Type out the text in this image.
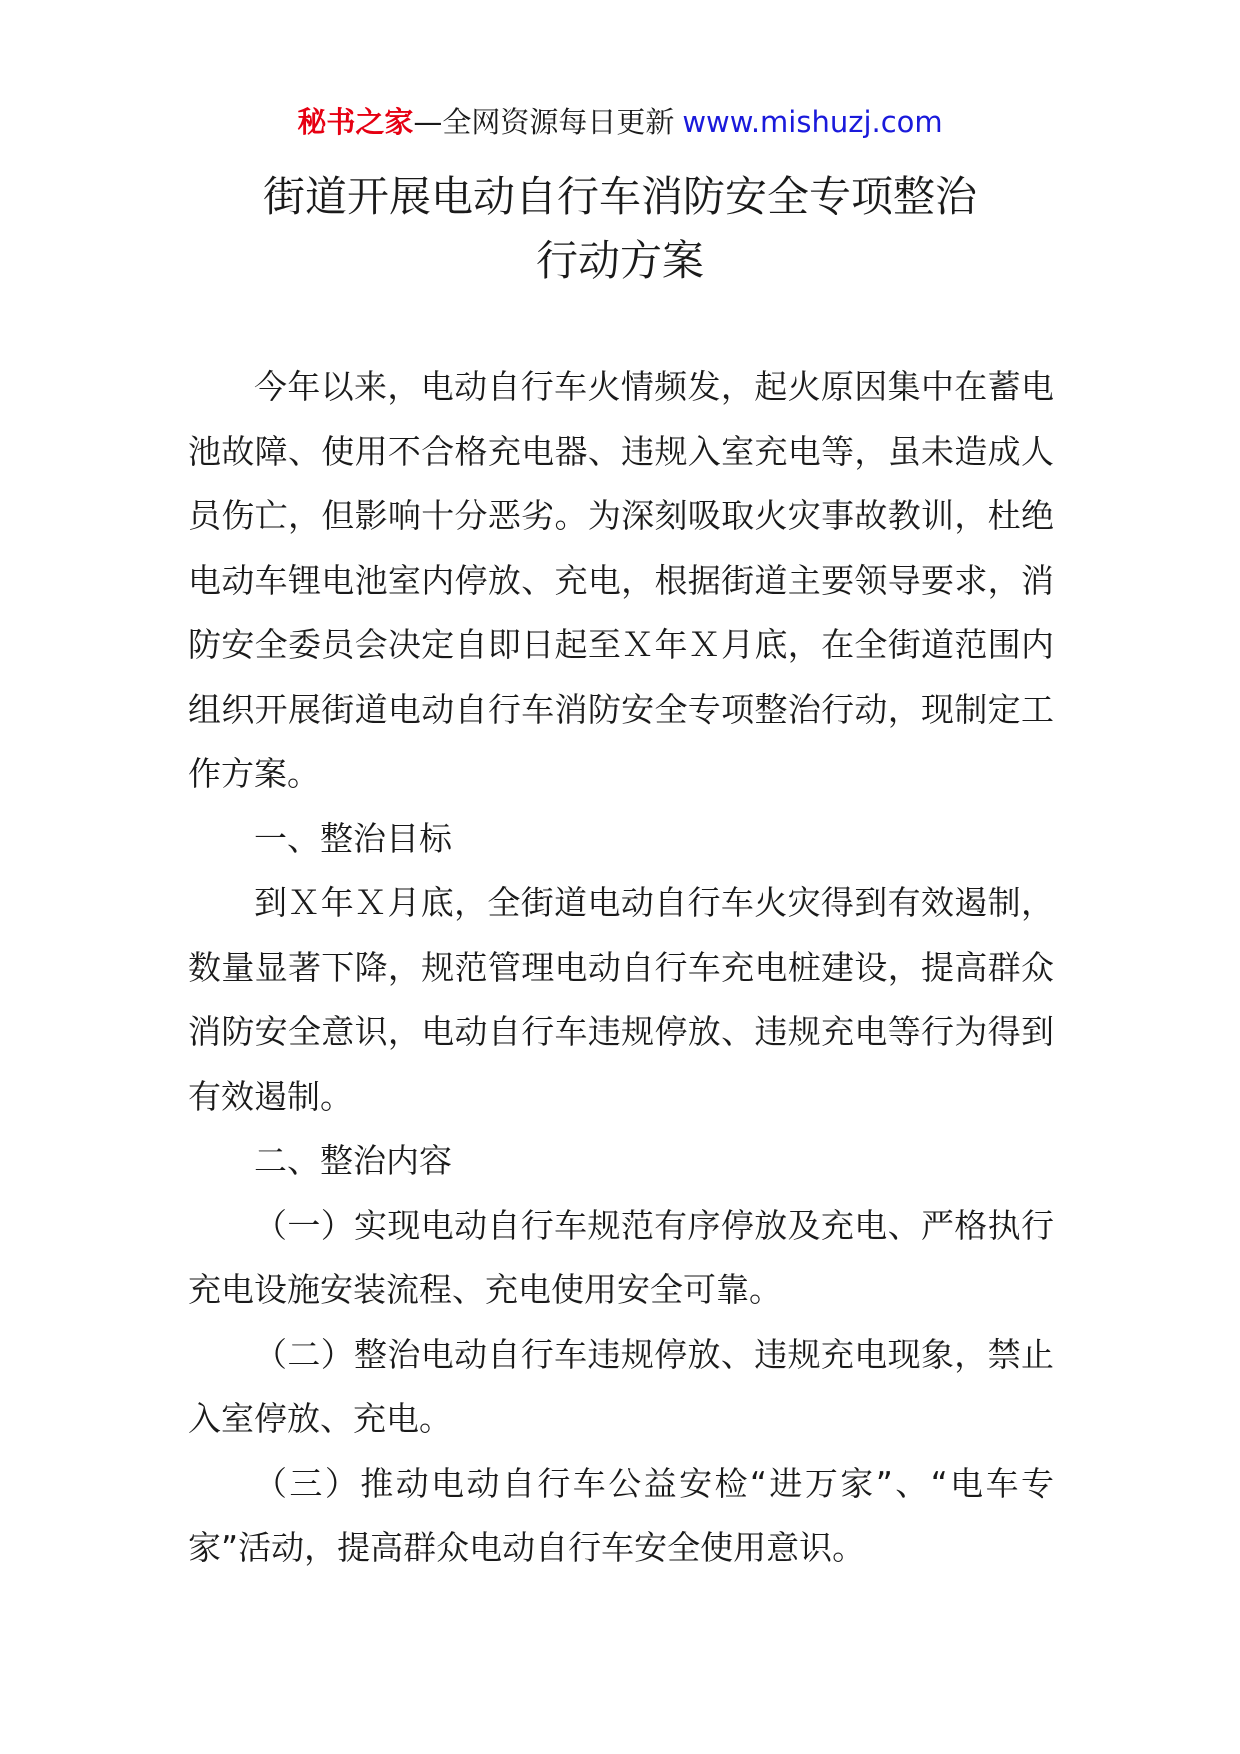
秘书之家—全网资源每日更新 www.mishuzj.com
街道开展电动自行车消防安全专项整治
行动方案

今年以来，电动自行车火情频发，起火原因集中在蓄电池故障、使用不合格充电器、违规入室充电等，虽未造成人员伤亡，但影响十分恶劣。为深刻吸取火灾事故教训，杜绝电动车锂电池室内停放、充电，根据街道主要领导要求，消防安全委员会决定自即日起至Ｘ年Ｘ月底，在全街道范围内组织开展街道电动自行车消防安全专项整治行动，现制定工作方案。

一、整治目标

到Ｘ年Ｘ月底，全街道电动自行车火灾得到有效遏制，数量显著下降，规范管理电动自行车充电桩建设，提高群众消防安全意识，电动自行车违规停放、违规充电等行为得到有效遏制。

二、整治内容

（一）实现电动自行车规范有序停放及充电、严格执行充电设施安装流程、充电使用安全可靠。

（二）整治电动自行车违规停放、违规充电现象，禁止入室停放、充电。

（三）推动电动自行车公益安检“进万家”、“电车专家”活动，提高群众电动自行车安全使用意识。
